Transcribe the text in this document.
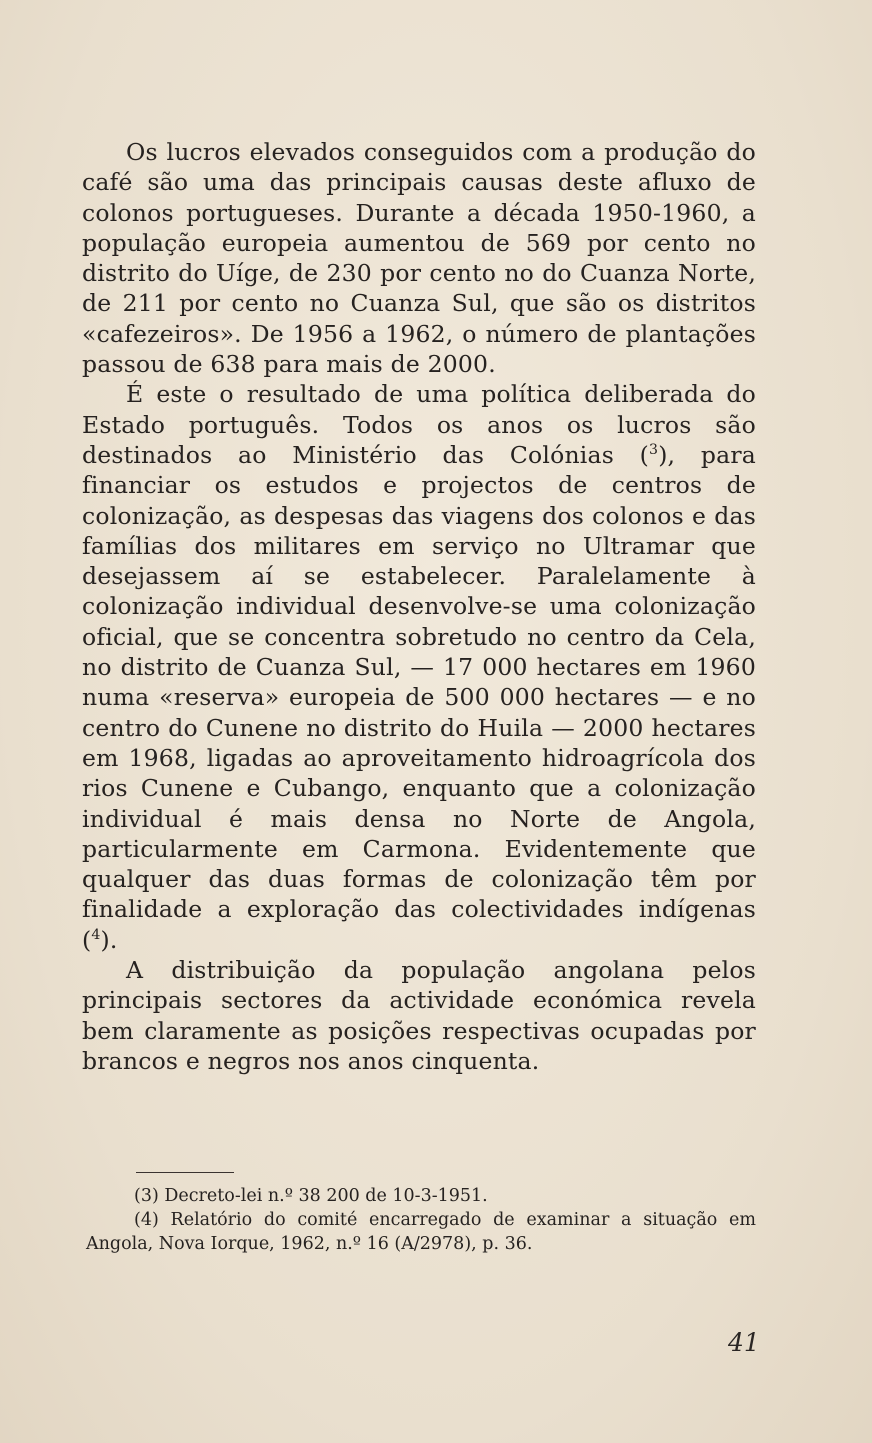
Os lucros elevados conseguidos com a produção do café são uma das principais causas deste afluxo de colonos portugueses. Durante a década 1950-1960, a população europeia aumentou de 569 por cento no distrito do Uíge, de 230 por cento no do Cuanza Norte, de 211 por cento no Cuanza Sul, que são os distritos «cafezeiros». De 1956 a 1962, o número de plantações passou de 638 para mais de 2000.

É este o resultado de uma política deliberada do Estado português. Todos os anos os lucros são destinados ao Ministério das Colónias ($^3$), para financiar os estudos e projectos de centros de colonização, as despesas das viagens dos colonos e das famílias dos militares em serviço no Ultramar que desejassem aí se estabelecer. Paralelamente à colonização individual desenvolve-se uma colonização oficial, que se concentra sobretudo no centro da Cela, no distrito de Cuanza Sul, — 17 000 hectares em 1960 numa «reserva» europeia de 500 000 hectares — e no centro do Cunene no distrito do Huila — 2000 hectares em 1968, ligadas ao aproveitamento hidroagrícola dos rios Cunene e Cubango, enquanto que a colonização individual é mais densa no Norte de Angola, particularmente em Carmona. Evidentemente que qualquer das duas formas de colonização têm por finalidade a exploração das colectividades indígenas ($^4$).

A distribuição da população angolana pelos principais sectores da actividade económica revela bem claramente as posições respectivas ocupadas por brancos e negros nos anos cinquenta.

(3) Decreto-lei n.º 38 200 de 10-3-1951.

(4) Relatório do comité encarregado de examinar a situação em Angola, Nova Iorque, 1962, n.º 16 (A/2978), p. 36.

41
